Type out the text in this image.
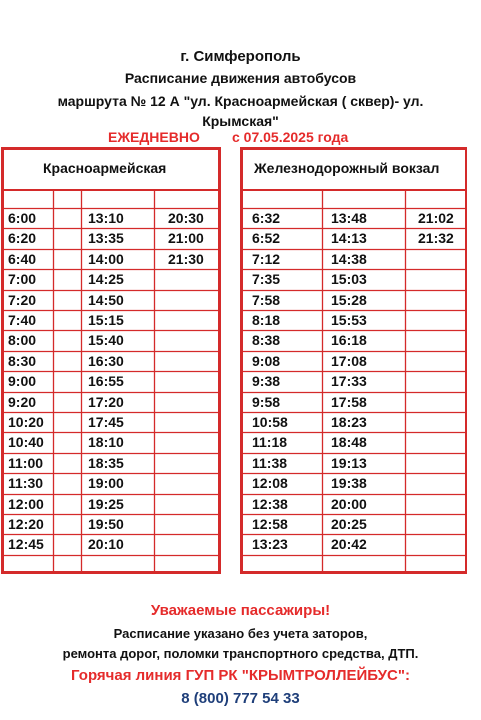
г. Симферополь
Расписание движения автобусов
маршрута № 12 А "ул. Красноармейская ( сквер)- ул.
Крымская"
ЕЖЕДНЕВНО с 07.05.2025 года
Красноармейская	Железнодорожный вокзал
6:00
6:20
6:40
7:00
7:20
7:40
8:00
8:30
9:00
9:20
10:20
10:40
11:00
11:30
12:00
12:20
12:45
13:10
13:35
14:00
14:25
14:50
15:15
15:40
16:30
16:55
17:20
17:45
18:10
18:35
19:00
19:25
19:50
20:10
20:30
21:00
21:30
6:32
6:52
7:12
7:35
7:58
8:18
8:38
9:08
9:38
9:58
10:58
11:18
11:38
12:08
12:38
12:58
13:23
13:48
14:13
14:38
15:03
15:28
15:53
16:18
17:08
17:33
17:58
18:23
18:48
19:13
19:38
20:00
20:25
20:42
21:02
21:32
Уважаемые пассажиры!
Расписание указано без учета заторов,
ремонта дорог, поломки транспортного средства, ДТП.
Горячая линия ГУП РК "КРЫМТРОЛЛЕЙБУС":
8 (800) 777 54 33
